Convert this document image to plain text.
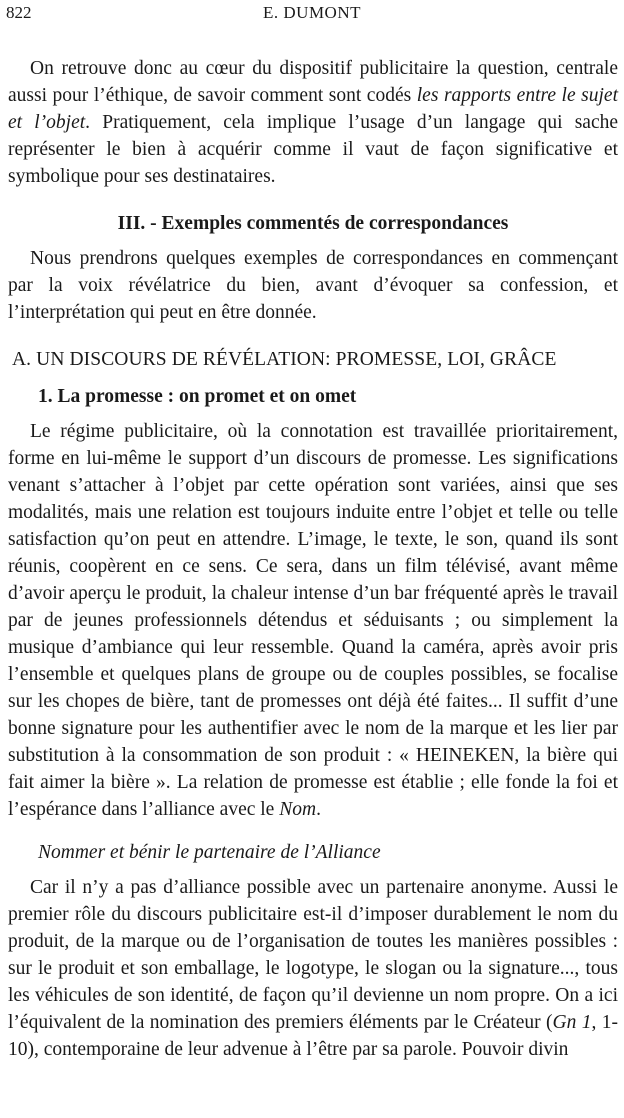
822	E. DUMONT

On retrouve donc au cœur du dispositif publicitaire la question, centrale aussi pour l’éthique, de savoir comment sont codés les rapports entre le sujet et l’objet. Pratiquement, cela implique l’usage d’un langage qui sache représenter le bien à acquérir comme il vaut de façon significative et symbolique pour ses destinataires.

III. - Exemples commentés de correspondances

Nous prendrons quelques exemples de correspondances en commençant par la voix révélatrice du bien, avant d’évoquer sa confession, et l’interprétation qui peut en être donnée.

A. UN DISCOURS DE RÉVÉLATION: PROMESSE, LOI, GRÂCE
1. La promesse : on promet et on omet

Le régime publicitaire, où la connotation est travaillée prioritairement, forme en lui-même le support d’un discours de promesse. Les significations venant s’attacher à l’objet par cette opération sont variées, ainsi que ses modalités, mais une relation est toujours induite entre l’objet et telle ou telle satisfaction qu’on peut en attendre. L’image, le texte, le son, quand ils sont réunis, coopèrent en ce sens. Ce sera, dans un film télévisé, avant même d’avoir aperçu le produit, la chaleur intense d’un bar fréquenté après le travail par de jeunes professionnels détendus et séduisants ; ou simplement la musique d’ambiance qui leur ressemble. Quand la caméra, après avoir pris l’ensemble et quelques plans de groupe ou de couples possibles, se focalise sur les chopes de bière, tant de promesses ont déjà été faites... Il suffit d’une bonne signature pour les authentifier avec le nom de la marque et les lier par substitution à la consommation de son produit : « HEINEKEN, la bière qui fait aimer la bière ». La relation de promesse est établie ; elle fonde la foi et l’espérance dans l’alliance avec le Nom.

Nommer et bénir le partenaire de l’Alliance

Car il n’y a pas d’alliance possible avec un partenaire anonyme. Aussi le premier rôle du discours publicitaire est-il d’imposer durablement le nom du produit, de la marque ou de l’organisation de toutes les manières possibles : sur le produit et son emballage, le logotype, le slogan ou la signature..., tous les véhicules de son identité, de façon qu’il devienne un nom propre. On a ici l’équivalent de la nomination des premiers éléments par le Créateur (Gn 1, 1-10), contemporaine de leur advenue à l’être par sa parole. Pouvoir divin
